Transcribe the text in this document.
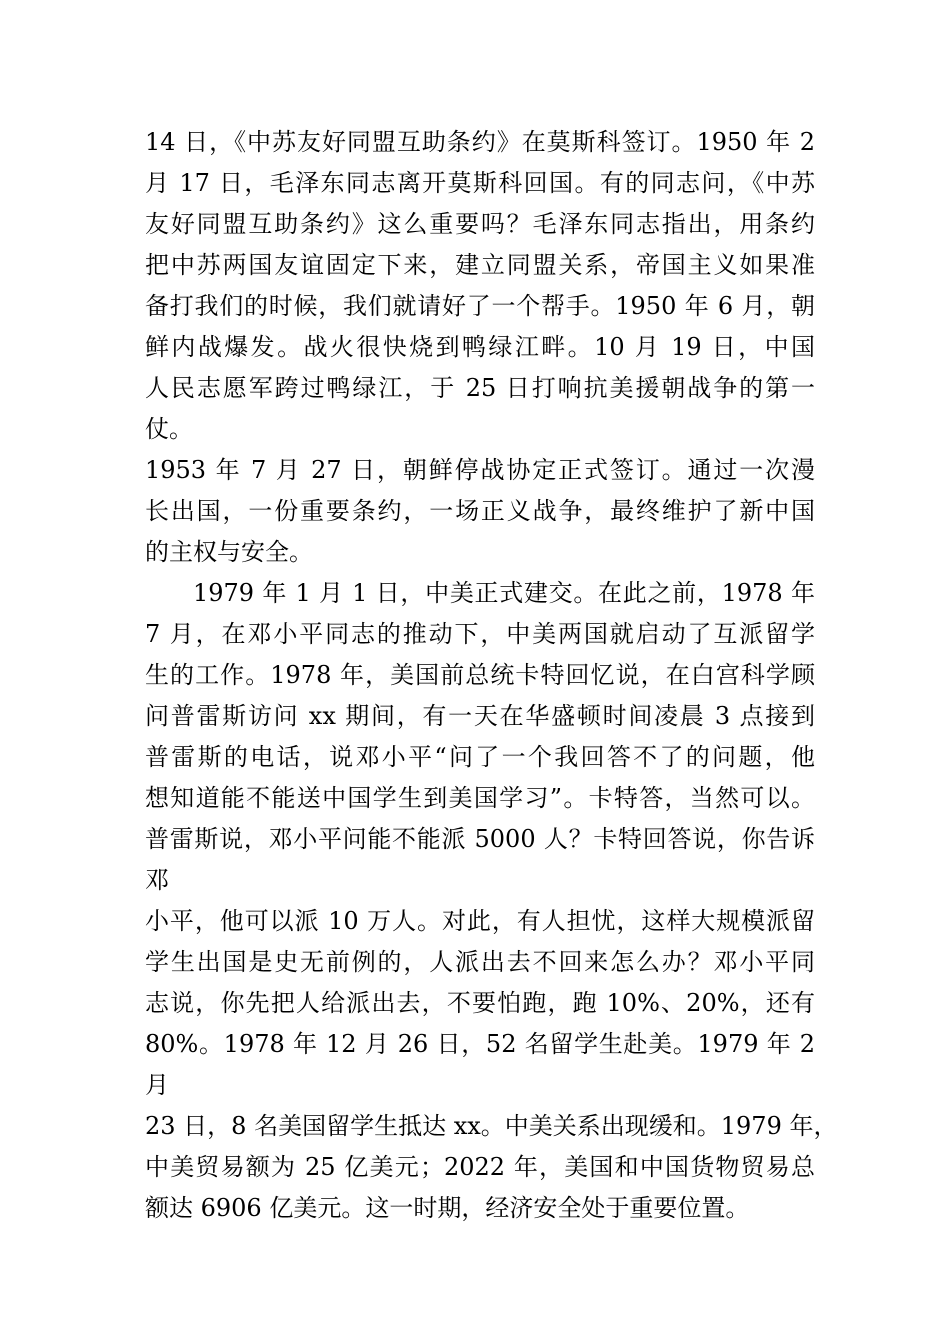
14 日，《中苏友好同盟互助条约》在莫斯科签订。1950 年 2
月 17 日，毛泽东同志离开莫斯科回国。有的同志问，《中苏
友好同盟互助条约》这么重要吗？毛泽东同志指出，用条约
把中苏两国友谊固定下来，建立同盟关系，帝国主义如果准
备打我们的时候，我们就请好了一个帮手。1950 年 6 月，朝
鲜内战爆发。战火很快烧到鸭绿江畔。10 月 19 日，中国
人民志愿军跨过鸭绿江，于 25 日打响抗美援朝战争的第一
仗。
1953 年 7 月 27 日，朝鲜停战协定正式签订。通过一次漫
长出国，一份重要条约，一场正义战争，最终维护了新中国
的主权与安全。
1979 年 1 月 1 日，中美正式建交。在此之前，1978 年
7 月，在邓小平同志的推动下，中美两国就启动了互派留学
生的工作。1978 年，美国前总统卡特回忆说，在白宫科学顾
问普雷斯访问 xx 期间，有一天在华盛顿时间凌晨 3 点接到
普雷斯的电话，说邓小平“问了一个我回答不了的问题，他
想知道能不能送中国学生到美国学习”。卡特答，当然可以。
普雷斯说，邓小平问能不能派 5000 人？卡特回答说，你告诉
邓
小平，他可以派 10 万人。对此，有人担忧，这样大规模派留
学生出国是史无前例的，人派出去不回来怎么办？邓小平同
志说，你先把人给派出去，不要怕跑，跑 10%、20%，还有
80%。1978 年 12 月 26 日，52 名留学生赴美。1979 年 2
月
23 日，8 名美国留学生抵达 xx。中美关系出现缓和。1979 年，
中美贸易额为 25 亿美元；2022 年，美国和中国货物贸易总
额达 6906 亿美元。这一时期，经济安全处于重要位置。
